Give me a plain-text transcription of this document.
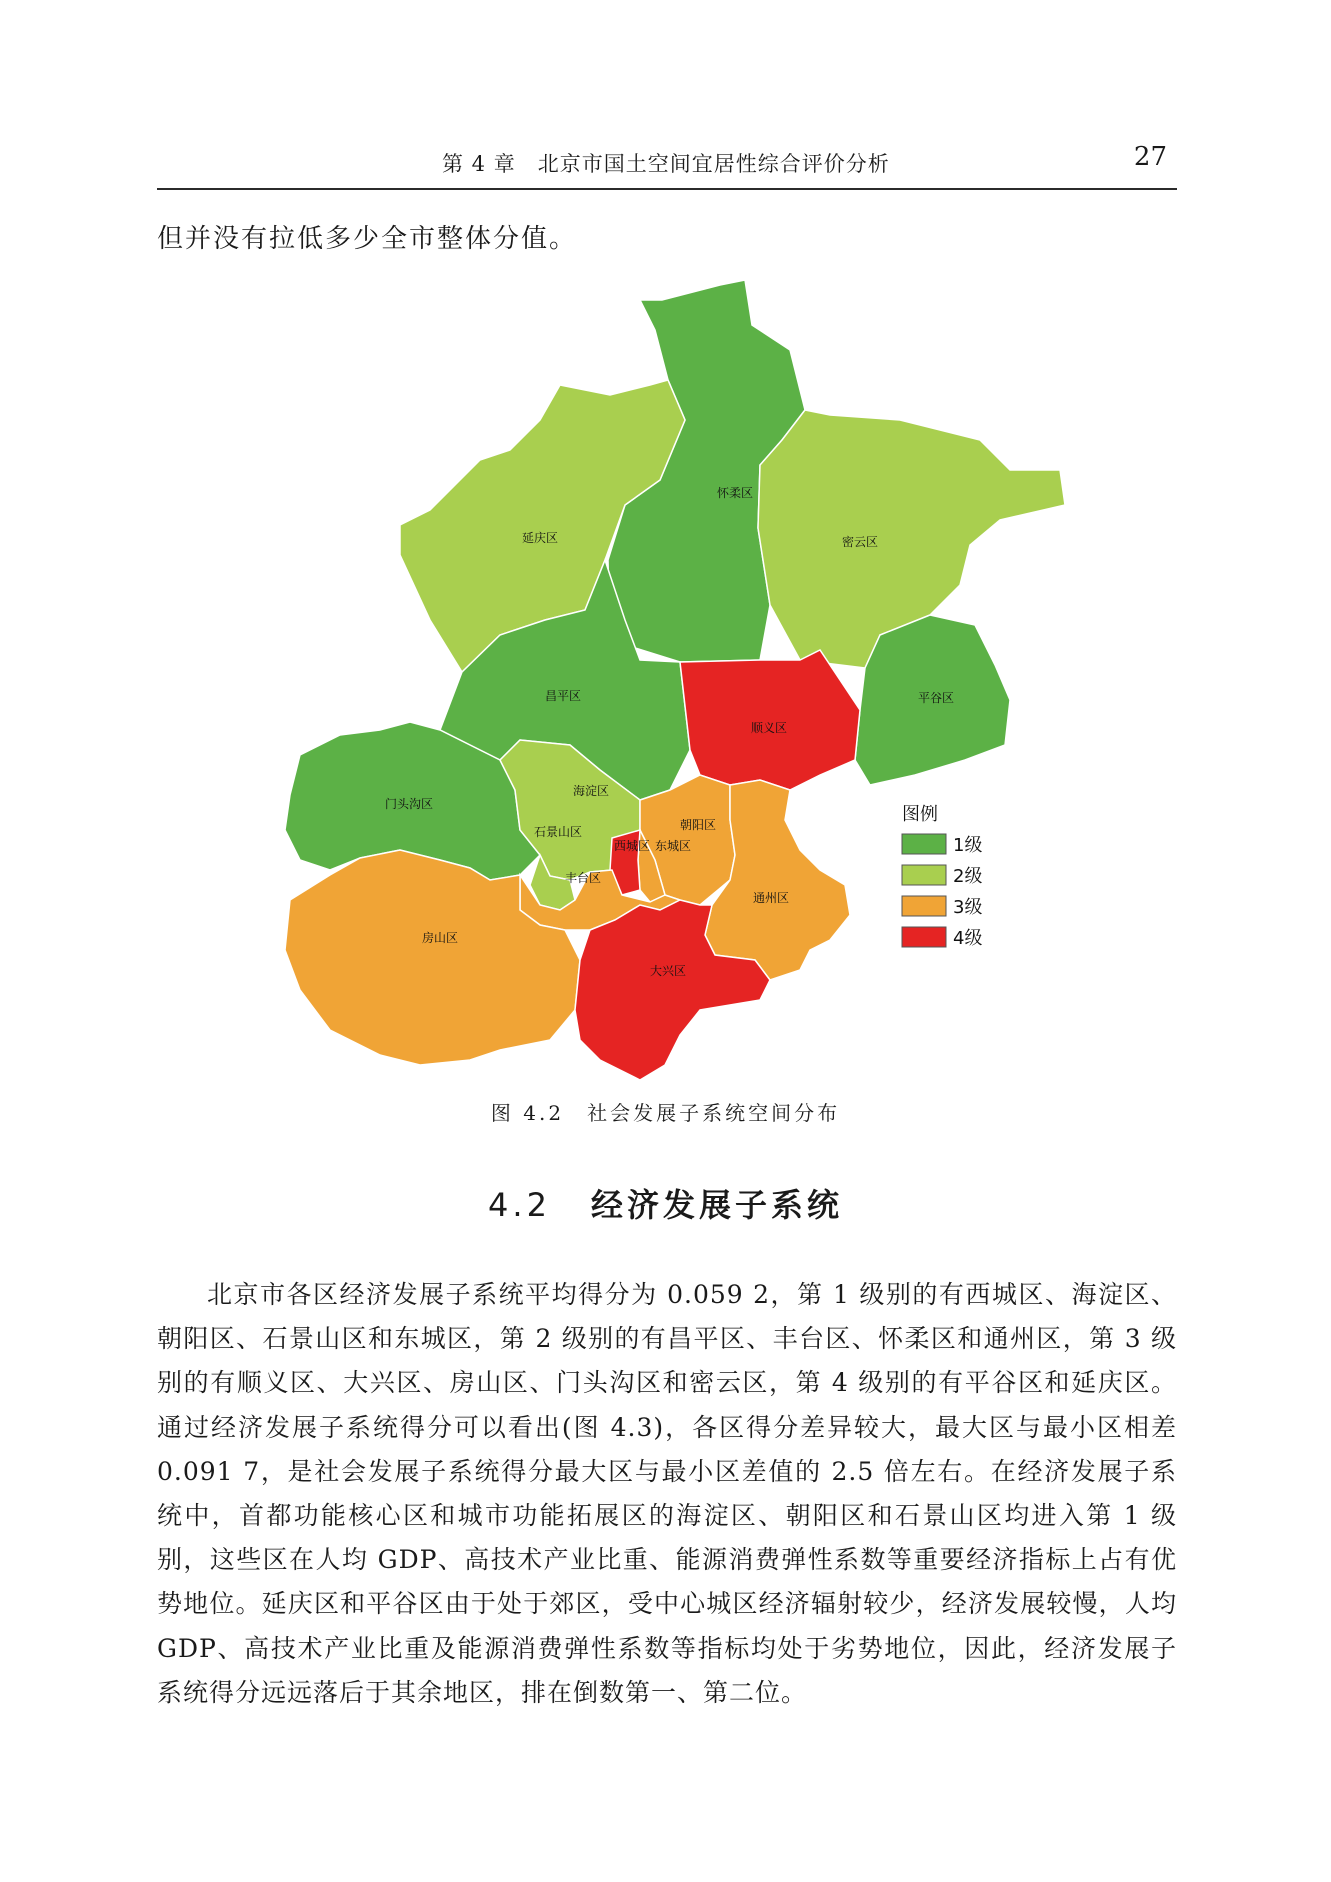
第 4 章　北京市国土空间宜居性综合评价分析	27
但并没有拉低多少全市整体分值。
怀柔区
密云区
延庆区
昌平区	平谷区
顺义区
门头沟区
海淀区
石景山区	朝阳区
西城区 东城区
丰台区
通州区
房山区
大兴区
图例
1级
2级
3级
4级
图 4.2　社会发展子系统空间分布
4.2 经济发展子系统

北京市各区经济发展子系统平均得分为 0.059 2，第 1 级别的有西城区、海淀区、朝阳区、石景山区和东城区，第 2 级别的有昌平区、丰台区、怀柔区和通州区，第 3 级别的有顺义区、大兴区、房山区、门头沟区和密云区，第 4 级别的有平谷区和延庆区。通过经济发展子系统得分可以看出(图 4.3)，各区得分差异较大，最大区与最小区相差 0.091 7，是社会发展子系统得分最大区与最小区差值的 2.5 倍左右。在经济发展子系统中，首都功能核心区和城市功能拓展区的海淀区、朝阳区和石景山区均进入第 1 级别，这些区在人均 GDP、高技术产业比重、能源消费弹性系数等重要经济指标上占有优势地位。延庆区和平谷区由于处于郊区，受中心城区经济辐射较少，经济发展较慢，人均 GDP、高技术产业比重及能源消费弹性系数等指标均处于劣势地位，因此，经济发展子系统得分远远落后于其余地区，排在倒数第一、第二位。
